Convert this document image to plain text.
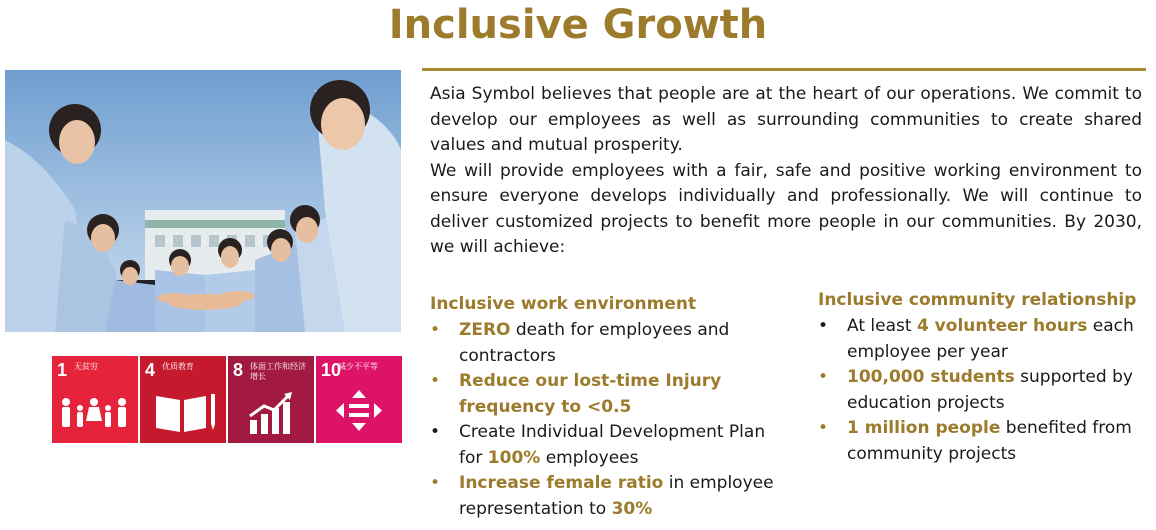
Inclusive Growth

Asia Symbol believes that people are at the heart of our operations. We commit to develop our employees as well as surrounding communities to create shared values and mutual prosperity.

We will provide employees with a fair, safe and positive working environment to ensure everyone develops individually and professionally. We will continue to deliver customized projects to benefit more people in our communities. By 2030, we will achieve:

Inclusive work environment
•	ZERO death for employees and contractors
•	Reduce our lost-time Injury frequency to <0.5
•	Create Individual Development Plan for 100% employees
•	Increase female ratio in employee representation to 30%
Inclusive community relationship
•	At least 4 volunteer hours each employee per year
•	100,000 students supported by education projects
•	1 million people benefited from community projects
1 无贫穷	4 优质教育	8 体面工作和经济增长	10
减少不平等
